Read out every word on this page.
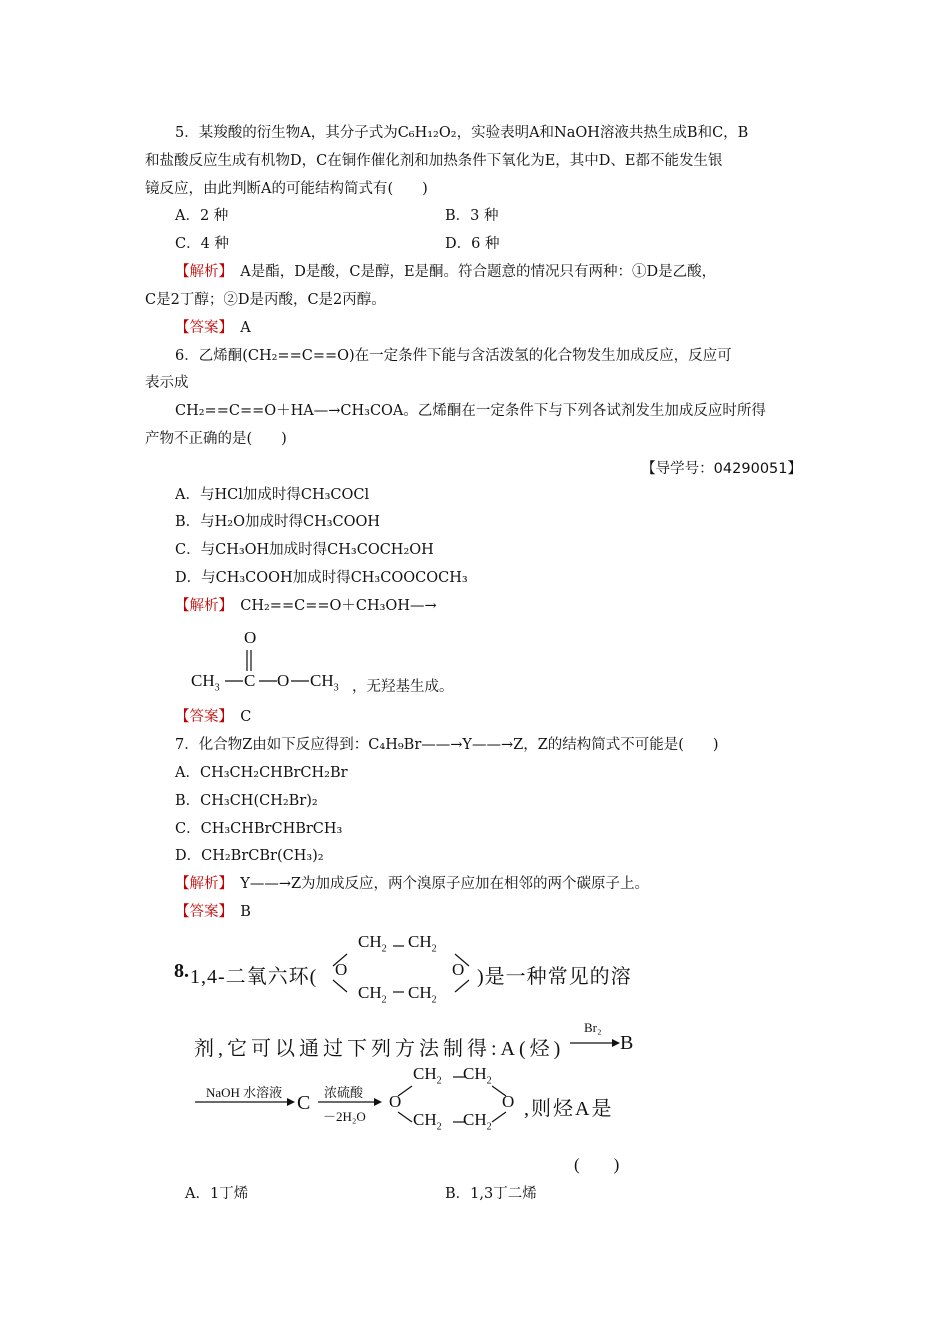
5．某羧酸的衍生物A，其分子式为C₆H₁₂O₂，实验表明A和NaOH溶液共热生成B和C，B
和盐酸反应生成有机物D，C在铜作催化剂和加热条件下氧化为E，其中D、E都不能发生银
镜反应，由此判断A的可能结构简式有(　　)
A．2 种	B．3 种
C．4 种	D．6 种
【解析】　A是酯，D是酸，C是醇，E是酮。符合题意的情况只有两种：①D是乙酸，
C是2丁醇；②D是丙酸，C是2丙醇。
【答案】　A
6．乙烯酮(CH₂==C==O)在一定条件下能与含活泼氢的化合物发生加成反应，反应可
表示成
CH₂==C==O＋HA—→CH₃COA。乙烯酮在一定条件下与下列各试剂发生加成反应时所得
产物不正确的是(　　)
【导学号：04290051】
A．与HCl加成时得CH₃COCl
B．与H₂O加成时得CH₃COOH
C．与CH₃OH加成时得CH₃COCH₂OH
D．与CH₃COOH加成时得CH₃COOCOCH₃
【解析】　CH₂==C==O＋CH₃OH—→
O
$CH_3$ C O $CH_3$ ，无羟基生成。
【答案】　C
7．化合物Z由如下反应得到：C₄H₉Br——→Y——→Z，Z的结构简式不可能是(　　)
A．CH₃CH₂CHBrCH₂Br
B．CH₃CH(CH₂Br)₂
C．CH₃CHBrCHBrCH₃
D．CH₂BrCBr(CH₃)₂
【解析】　Y——→Z为加成反应，两个溴原子应加在相邻的两个碳原子上。
【答案】　B
8. 1,4-二氧六环(
$CH_2$ $CH_2$
O	O
$CH_2$ $CH_2$
)是一种常见的溶
剂,它可以通过下列方法制得:A(烃)
Br₂
B
NaOH 水溶液 C 浓硫酸
－2H₂O
$CH_2$ $CH_2$
O	O
$CH_2$ $CH_2$
,则烃A是
(　　)
A．1丁烯	B．1,3丁二烯
